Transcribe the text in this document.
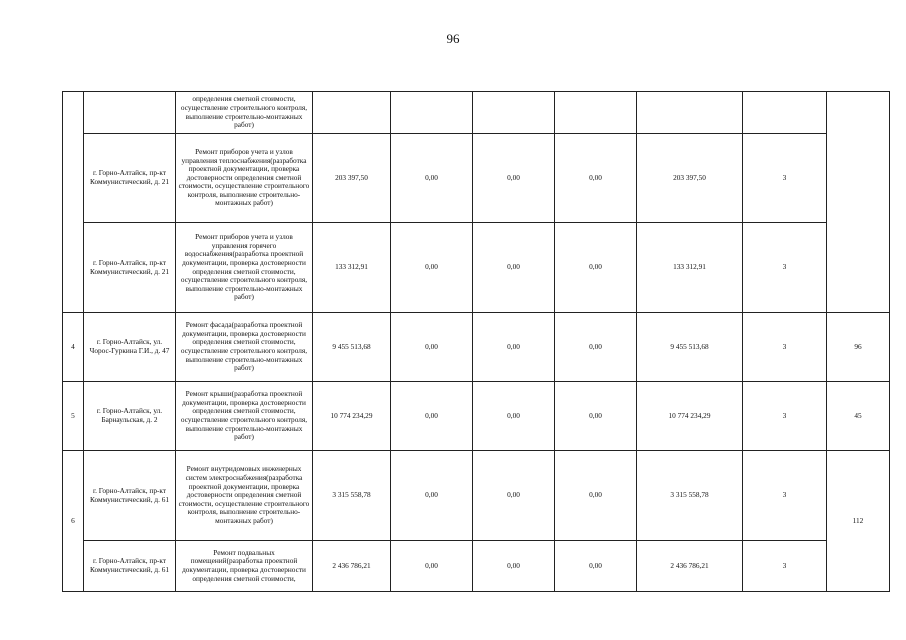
96

		определения сметной стоимости, осуществление строительного контроля, выполнение строительно-монтажных работ)							

	г. Горно-Алтайск, пр-кт Коммунистический, д. 21	Ремонт приборов учета и узлов управления теплоснабжения(разработка проектной документации, проверка достоверности определения сметной стоимости, осуществление строительного контроля, выполнение строительно-монтажных работ)	203 397,50	0,00	0,00	0,00	203 397,50	3	

	г. Горно-Алтайск, пр-кт Коммунистический, д. 21	Ремонт приборов учета и узлов управления горячего водоснабжения(разработка проектной документации, проверка достоверности определения сметной стоимости, осуществление строительного контроля, выполнение строительно-монтажных работ)	133 312,91	0,00	0,00	0,00	133 312,91	3	
4	г. Горно-Алтайск, ул. Чорос-Гуркина Г.И., д. 47	Ремонт фасада(разработка проектной документации, проверка достоверности определения сметной стоимости, осуществление строительного контроля, выполнение строительно-монтажных работ)	9 455 513,68	0,00	0,00	0,00	9 455 513,68	3	96
5	г. Горно-Алтайск, ул. Барнаульская, д. 2	Ремонт крыши(разработка проектной документации, проверка достоверности определения сметной стоимости, осуществление строительного контроля, выполнение строительно-монтажных работ)	10 774 234,29	0,00	0,00	0,00	10 774 234,29	3	45
6	г. Горно-Алтайск, пр-кт Коммунистический, д. 61	Ремонт внутридомовых инженерных систем электроснабжения(разработка проектной документации, проверка достоверности определения сметной стоимости, осуществление строительного контроля, выполнение строительно-монтажных работ)	3 315 558,78	0,00	0,00	0,00	3 315 558,78	3	112

	г. Горно-Алтайск, пр-кт Коммунистический, д. 61	Ремонт подвальных помещений(разработка проектной документации, проверка достоверности определения сметной стоимости,	2 436 786,21	0,00	0,00	0,00	2 436 786,21	3	
